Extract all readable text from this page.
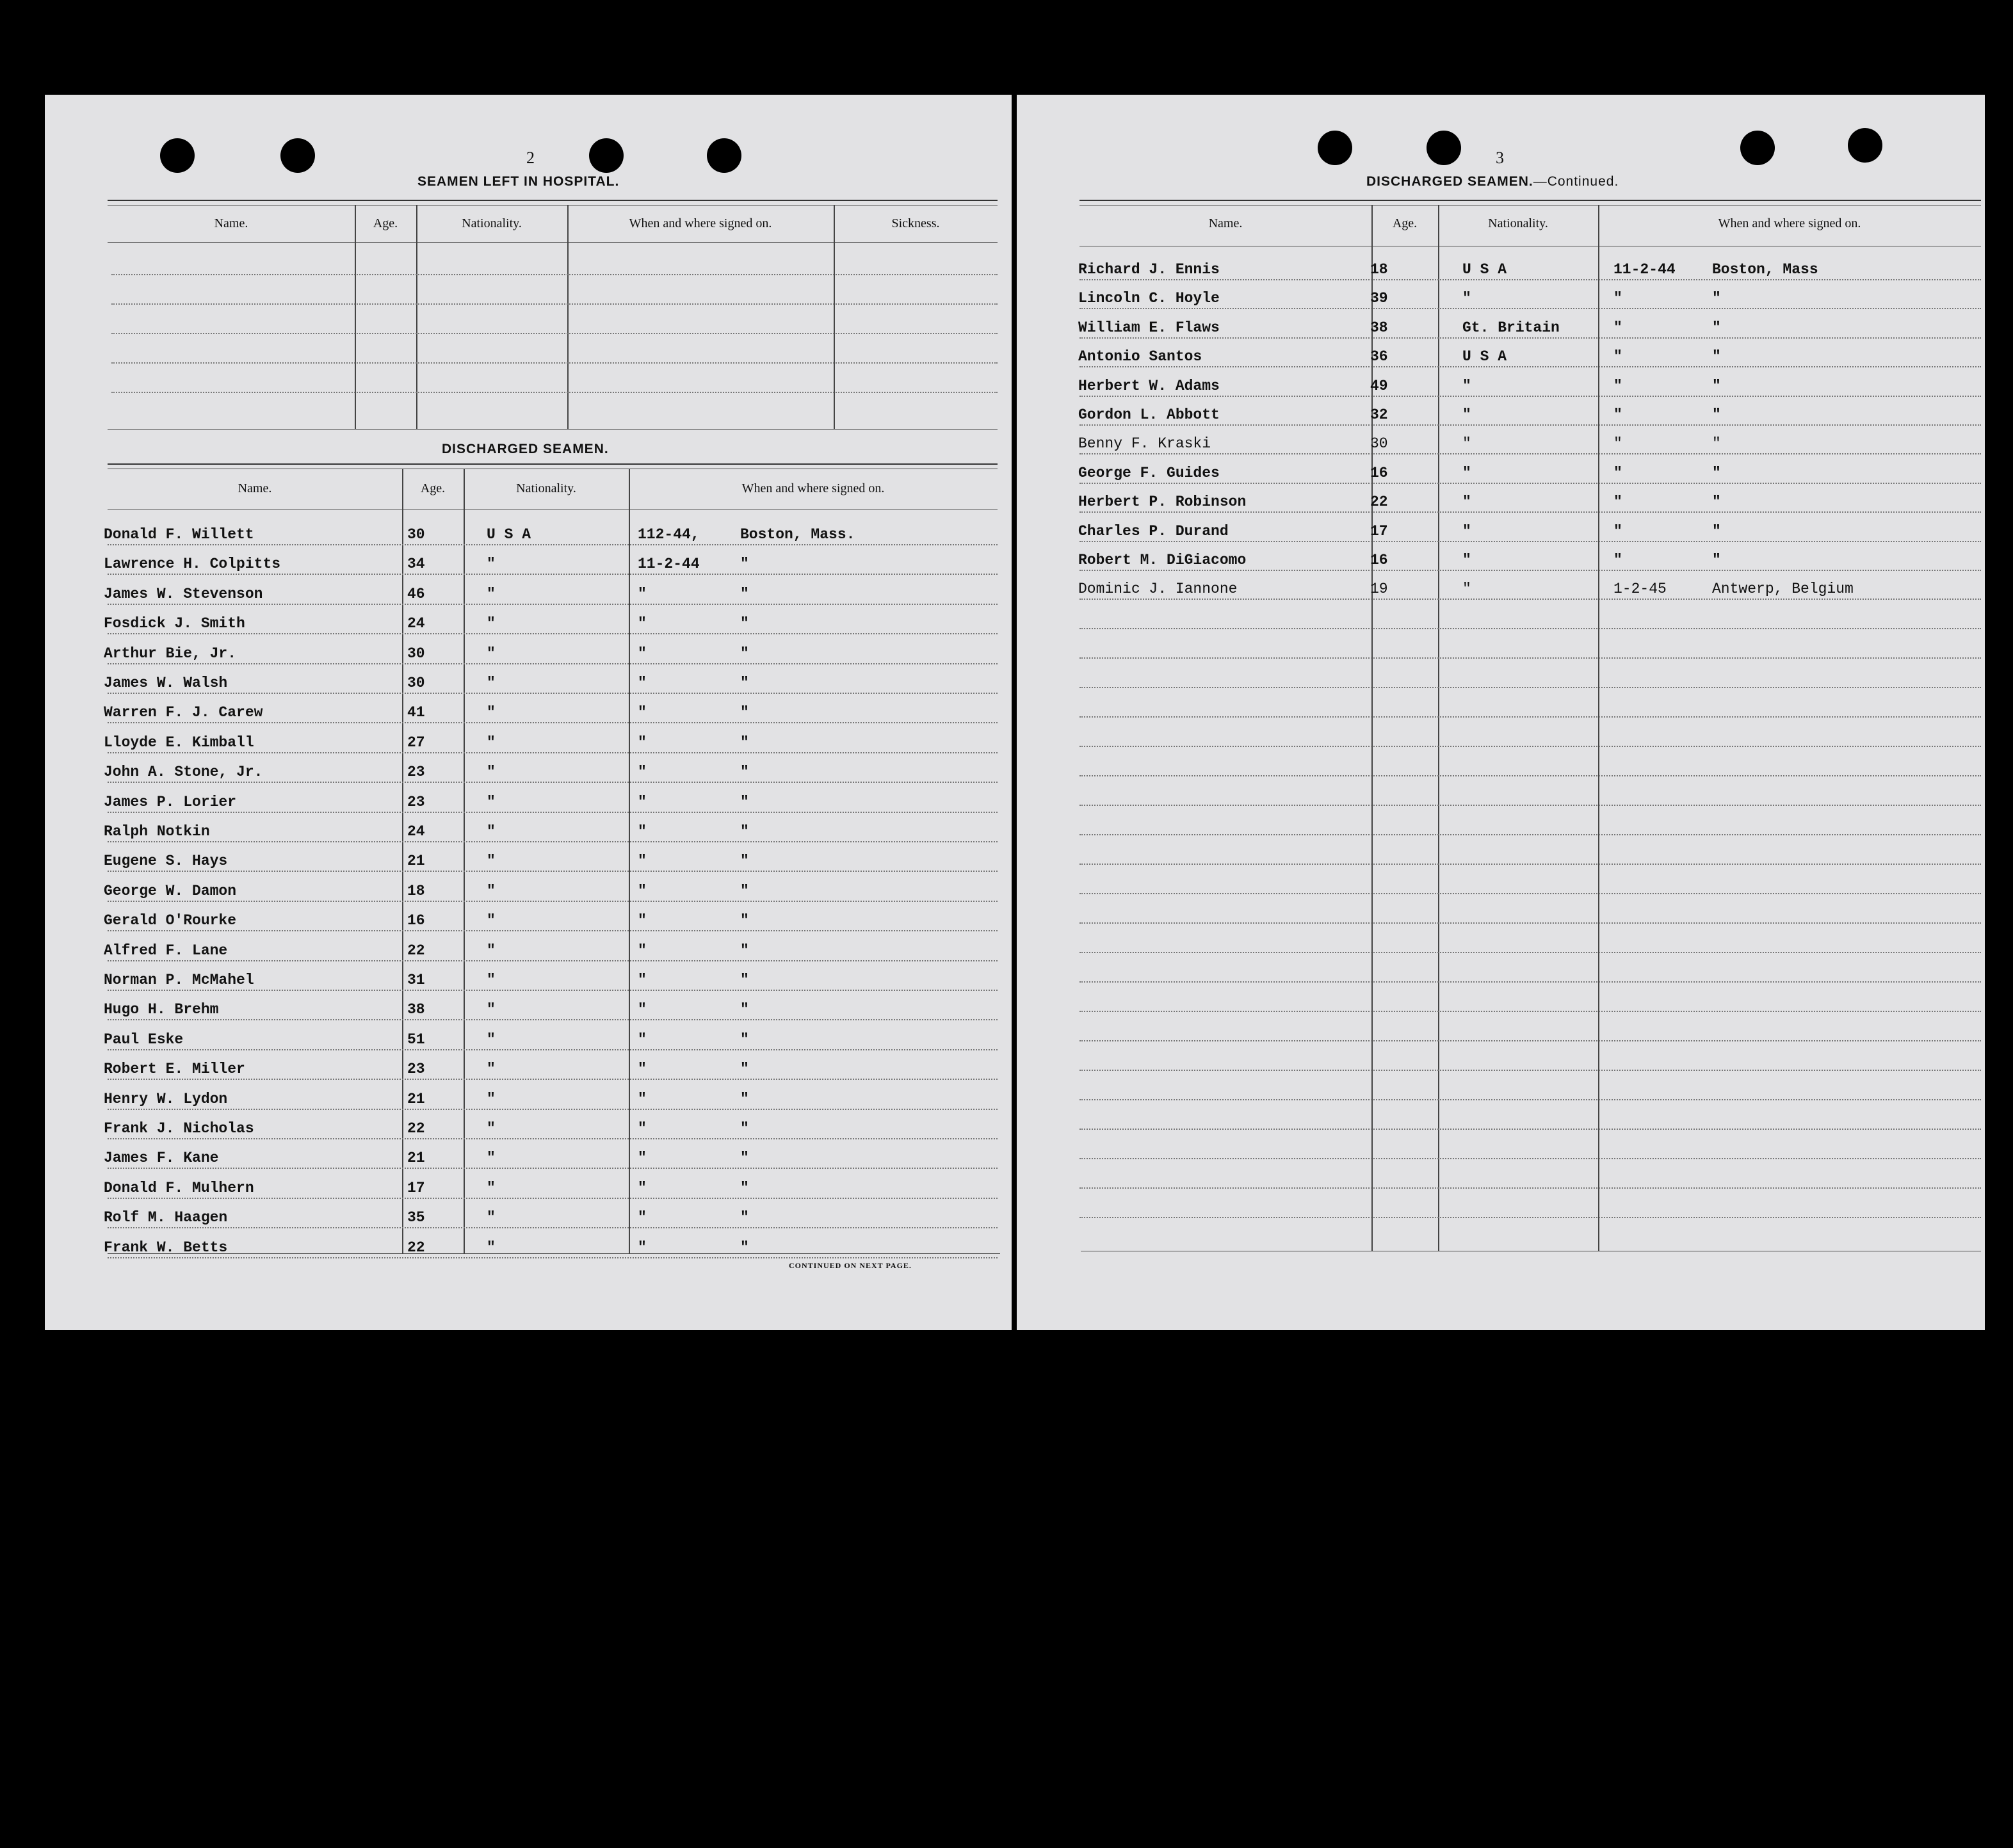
2
SEAMEN LEFT IN HOSPITAL.
Name.	Age.	Nationality.	When and where signed on.	Sickness.
DISCHARGED SEAMEN.
Name.	Age.	Nationality.	When and where signed on.
Donald F. Willett	30	U S A	112-44,	Boston, Mass.
Lawrence H. Colpitts	34	"	11-2-44	"
James W. Stevenson	46	"	"	"
Fosdick J. Smith	24	"	"	"
Arthur Bie, Jr.	30	"	"	"
James W. Walsh	30	"	"	"
Warren F. J. Carew	41	"	"	"
Lloyde E. Kimball	27	"	"	"
John A. Stone, Jr.	23	"	"	"
James P. Lorier	23	"	"	"
Ralph Notkin	24	"	"	"
Eugene S. Hays	21	"	"	"
George W. Damon	18	"	"	"
Gerald O'Rourke	16	"	"	"
Alfred F. Lane	22	"	"	"
Norman P. McMahel	31	"	"	"
Hugo H. Brehm	38	"	"	"
Paul Eske	51	"	"	"
Robert E. Miller	23	"	"	"
Henry W. Lydon	21	"	"	"
Frank J. Nicholas	22	"	"	"
James F. Kane	21	"	"	"
Donald F. Mulhern	17	"	"	"
Rolf M. Haagen	35	"	"	"
Frank W. Betts	22	"	"	"
CONTINUED ON NEXT PAGE.
3
DISCHARGED SEAMEN.—Continued.
Name.	Age.	Nationality.	When and where signed on.
Richard J. Ennis	18	U S A	11-2-44 Boston, Mass
Lincoln C. Hoyle	39	"	"	"
William E. Flaws	38	Gt. Britain	"	"
Antonio Santos	36	U S A	"	"
Herbert W. Adams	49	"	"	"
Gordon L. Abbott	32	"	"	"
Benny F. Kraski	30	"	"	"
George F. Guides	16	"	"	"
Herbert P. Robinson	22	"	"	"
Charles P. Durand	17	"	"	"
Robert M. DiGiacomo	16	"	"	"
Dominic J. Iannone	19	"	1-2-45	Antwerp, Belgium
